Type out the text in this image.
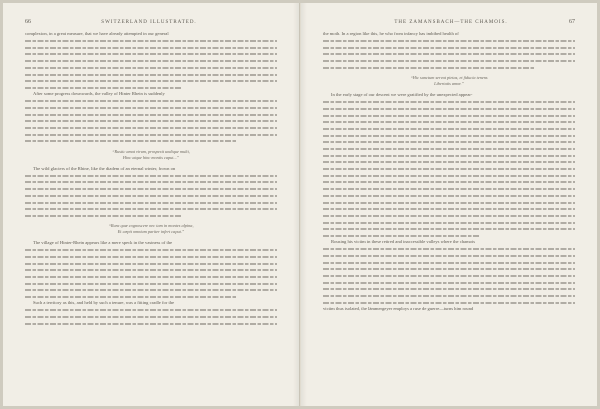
66	SWITZERLAND ILLUSTRATED.
complexion, in a great measure, that we have already attempted in our general
After some progress downwards, the valley of Hinter Rhein is suddenly
“Rustic amat virum, prospexit undique multi,
Hinc atque hinc montis caput...”
The wild glaciers of the Rhine, like the diadem of an eternal winter, frown on
“Rura quæ cognoscere nec tam in montes alpina,
Et cæpit omnium pariter infert caput.”
The village of Hinter-Rhein appears like a mere speck in the vastness of the
Such a territory as this, and held by such a tenure, was a fitting cradle for the
THE ZAMANSBACH—THE CHAMOIS.	67
the moth. In a region like this, he who from infancy has imbibed health of
“Hic sanctum servat pietas, et fiducia tenens
Libertatis amor.”
In the early stage of our descent we were gratified by the unexpected appear-
Rousing his victim in these retired and inaccessible valleys where the chamois
victim thus isolated, the lämmergeyer employs a ruse de guerre—turns him round
